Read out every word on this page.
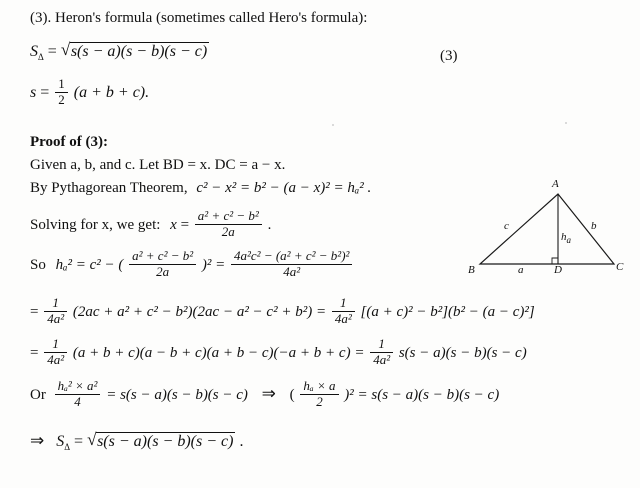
(3). Heron's formula (sometimes called Hero's formula):
(3)
$S_\Delta$ = √ s(s − a)(s − b)(s − c)
$s = \frac{1}{2} (a + b + c)$.
Proof of (3):
Given a, b, and c. Let BD = x. DC = a − x.
By Pythagorean Theorem, c² − x² = b² − (a − x)² = hₐ² .
Solving for x, we get: $x = \frac{\text{a² + c² − b²}}{2a}$ .
So hₐ² = c² − ( $\frac{\text{a² + c² − b²}}{2a} )^2 = \frac{\text{4a²c² − (a² + c² − b²)²}}{\text{4a²}}$
= $\frac{1}{\text{4a²}} (2ac + a^2 + c^2 - b^2)(2ac - a^2 - c^2 + b^2) = \frac{1}{\text{4a²}} [(a + c)^2 - b^2](b^2 - (a - c)^2]$
= $\frac{1}{\text{4a²}} (a + b + c)(a - b + c)(a + b - c)(-a + b + c) = \frac{1}{\text{4a²}} s(s - a)(s - b)(s - c)$
Or $\frac{\text{hₐ² × a²}}{4} = s(s - a)(s - b)(s - c)$ ⇒ ( $\frac{\text{hₐ × a}}{2} )^2 = s(s - a)(s - b)(s - c)$
⇒ $S_\Delta$ = √ s(s − a)(s − b)(s − c) .
A
B	C
D
c	b
a
$h_a$
